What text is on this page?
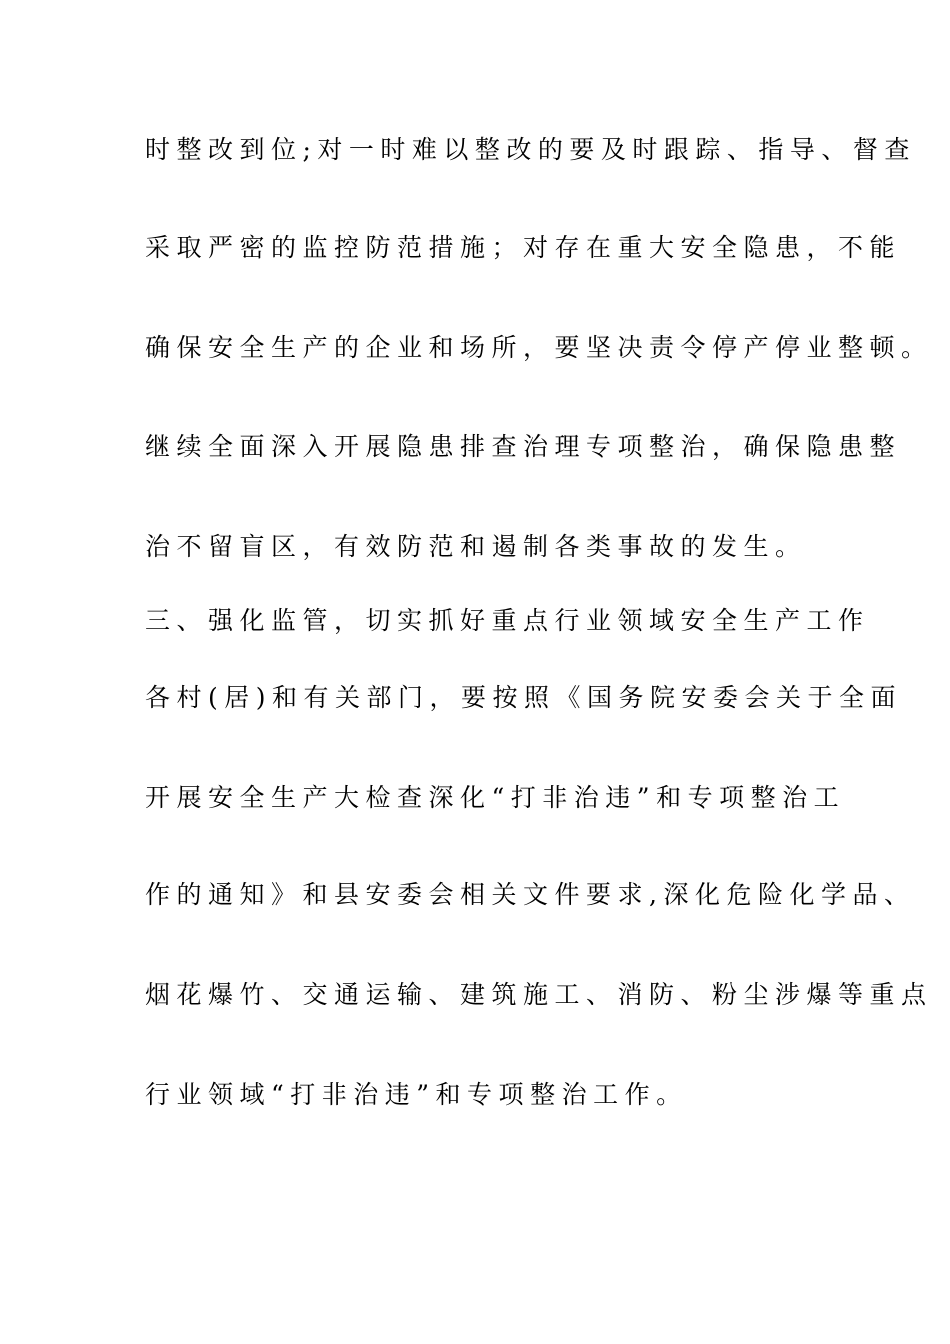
时整改到位;对一时难以整改的要及时跟踪、指导、督查
采取严密的监控防范措施；对存在重大安全隐患，不能
确保安全生产的企业和场所，要坚决责令停产停业整顿。
继续全面深入开展隐患排查治理专项整治，确保隐患整
治不留盲区，有效防范和遏制各类事故的发生。
三、强化监管，切实抓好重点行业领域安全生产工作
各村(居)和有关部门，要按照《国务院安委会关于全面
开展安全生产大检查深化“打非治违”和专项整治工
作的通知》和县安委会相关文件要求,深化危险化学品、
烟花爆竹、交通运输、建筑施工、消防、粉尘涉爆等重点
行业领域“打非治违”和专项整治工作。
